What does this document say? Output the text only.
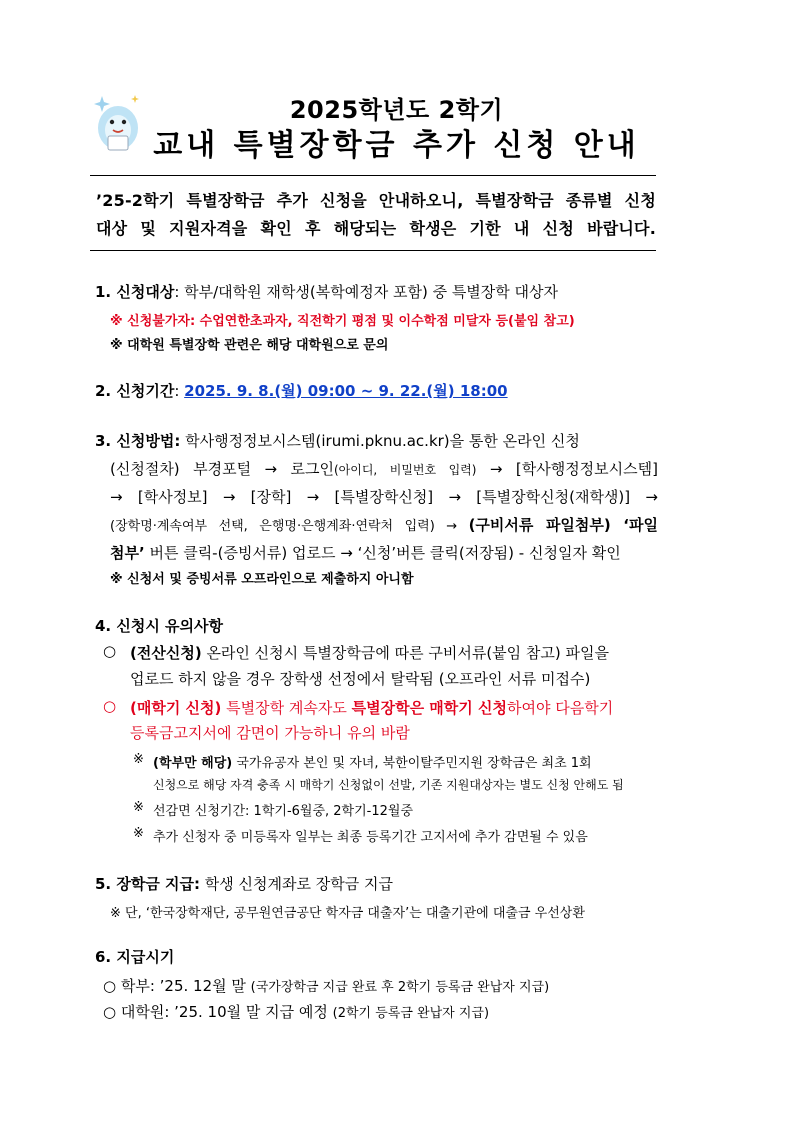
2025학년도 2학기
교내 특별장학금 추가 신청 안내
’25-2학기 특별장학금 추가 신청을 안내하오니, 특별장학금 종류별 신청
대상 및 지원자격을 확인 후 해당되는 학생은 기한 내 신청 바랍니다.
1. 신청대상: 학부/대학원 재학생(복학예정자 포함) 중 특별장학 대상자
※ 신청불가자: 수업연한초과자, 직전학기 평점 및 이수학점 미달자 등(붙임 참고)
※ 대학원 특별장학 관련은 해당 대학원으로 문의
2. 신청기간: 2025. 9. 8.(월) 09:00 ~ 9. 22.(월) 18:00
3. 신청방법: 학사행정정보시스템(irumi.pknu.ac.kr)을 통한 온라인 신청
(신청절차) 부경포털 → 로그인(아이디, 비밀번호 입력) → [학사행정정보시스템]
→ [학사정보] → [장학] → [특별장학신청] → [특별장학신청(재학생)] →
(장학명·계속여부 선택, 은행명·은행계좌·연락처 입력) → (구비서류 파일첨부) ‘파일
첨부’ 버튼 클릭-(증빙서류) 업로드 → ‘신청’버튼 클릭(저장됨) - 신청일자 확인
※ 신청서 및 증빙서류 오프라인으로 제출하지 아니함
4. 신청시 유의사항
○ (전산신청) 온라인 신청시 특별장학금에 따른 구비서류(붙임 참고) 파일을
업로드 하지 않을 경우 장학생 선정에서 탈락됨 (오프라인 서류 미접수)
○ (매학기 신청) 특별장학 계속자도 특별장학은 매학기 신청하여야 다음학기
등록금고지서에 감면이 가능하니 유의 바람
※ (학부만 해당) 국가유공자 본인 및 자녀, 북한이탈주민지원 장학금은 최초 1회
신청으로 해당 자격 충족 시 매학기 신청없이 선발, 기존 지원대상자는 별도 신청 안해도 됨
※ 선감면 신청기간: 1학기-6월중, 2학기-12월중
※ 추가 신청자 중 미등록자 일부는 최종 등록기간 고지서에 추가 감면될 수 있음
5. 장학금 지급: 학생 신청계좌로 장학금 지급
※ 단, ‘한국장학재단, 공무원연금공단 학자금 대출자’는 대출기관에 대출금 우선상환
6. 지급시기
○ 학부: ’25. 12월 말 (국가장학금 지급 완료 후 2학기 등록금 완납자 지급)
○ 대학원: ’25. 10월 말 지급 예정 (2학기 등록금 완납자 지급)
